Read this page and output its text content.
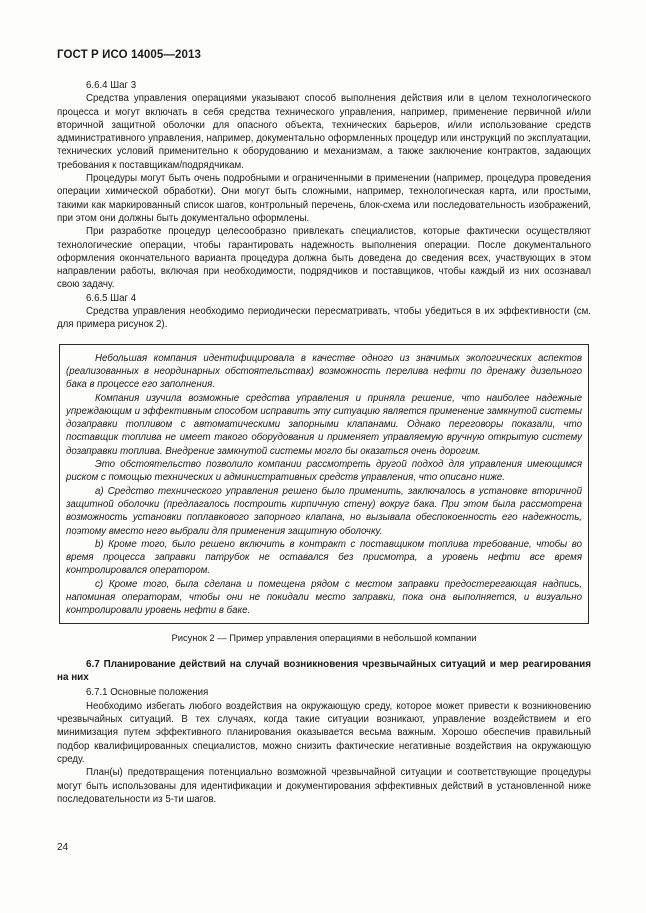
ГОСТ Р ИСО 14005—2013

6.6.4 Шаг 3

Средства управления операциями указывают способ выполнения действия или в целом технологического процесса и могут включать в себя средства технического управления, например, применение первичной и/или вторичной защитной оболочки для опасного объекта, технических барьеров, и/или использование средств административного управления, например, документально оформленных процедур или инструкций по эксплуатации, технических условий применительно к оборудованию и механизмам, а также заключение контрактов, задающих требования к поставщикам/подрядчикам.

Процедуры могут быть очень подробными и ограниченными в применении (например, процедура проведения операции химической обработки). Они могут быть сложными, например, технологическая карта, или простыми, такими как маркированный список шагов, контрольный перечень, блок-схема или последовательность изображений, при этом они должны быть документально оформлены.

При разработке процедур целесообразно привлекать специалистов, которые фактически осуществляют технологические операции, чтобы гарантировать надежность выполнения операции. После документального оформления окончательного варианта процедура должна быть доведена до сведения всех, участвующих в этом направлении работы, включая при необходимости, подрядчиков и поставщиков, чтобы каждый из них осознавал свою задачу.

6.6.5 Шаг 4

Средства управления необходимо периодически пересматривать, чтобы убедиться в их эффективности (см. для примера рисунок 2).

Небольшая компания идентифицировала в качестве одного из значимых экологических аспектов (реализованных в неординарных обстоятельствах) возможность перелива нефти по дренажу дизельного бака в процессе его заполнения.

Компания изучила возможные средства управления и приняла решение, что наиболее надежные упреждающим и эффективным способом исправить эту ситуацию является применение замкнутой системы дозаправки топливом с автоматическими запорными клапанами. Однако переговоры показали, что поставщик топлива не имеет такого оборудования и применяет управляемую вручную открытую систему дозаправки топлива. Внедрение замкнутой системы могло бы оказаться очень дорогим.

Это обстоятельство позволило компании рассмотреть другой подход для управления имеющимся риском с помощью технических и административных средств управления, что описано ниже.

a) Средство технического управления решено было применить, заключалось в установке вторичной защитной оболочки (предлагалось построить кирпичную стену) вокруг бака. При этом была рассмотрена возможность установки поплавкового запорного клапана, но вызывала обеспокоенность его надежность, поэтому вместо него выбрали для применения защитную оболочку.

b) Кроме того, было решено включить в контракт с поставщиком топлива требование, чтобы во время процесса заправки патрубок не оставался без присмотра, а уровень нефти все время контролировался оператором.

c) Кроме того, была сделана и помещена рядом с местом заправки предостерегающая надпись, напоминая операторам, чтобы они не покидали место заправки, пока она выполняется, и визуально контролировали уровень нефти в баке.

Рисунок 2 — Пример управления операциями в небольшой компании

6.7 Планирование действий на случай возникновения чрезвычайных ситуаций и мер реагирования на них

6.7.1 Основные положения

Необходимо избегать любого воздействия на окружающую среду, которое может привести к возникновению чрезвычайных ситуаций. В тех случаях, когда такие ситуации возникают, управление воздействием и его минимизация путем эффективного планирования оказывается весьма важным. Хорошо обеспечив правильный подбор квалифицированных специалистов, можно снизить фактические негативные воздействия на окружающую среду.

План(ы) предотвращения потенциально возможной чрезвычайной ситуации и соответствующие процедуры могут быть использованы для идентификации и документирования эффективных действий в установленной ниже последовательности из 5-ти шагов.

24
